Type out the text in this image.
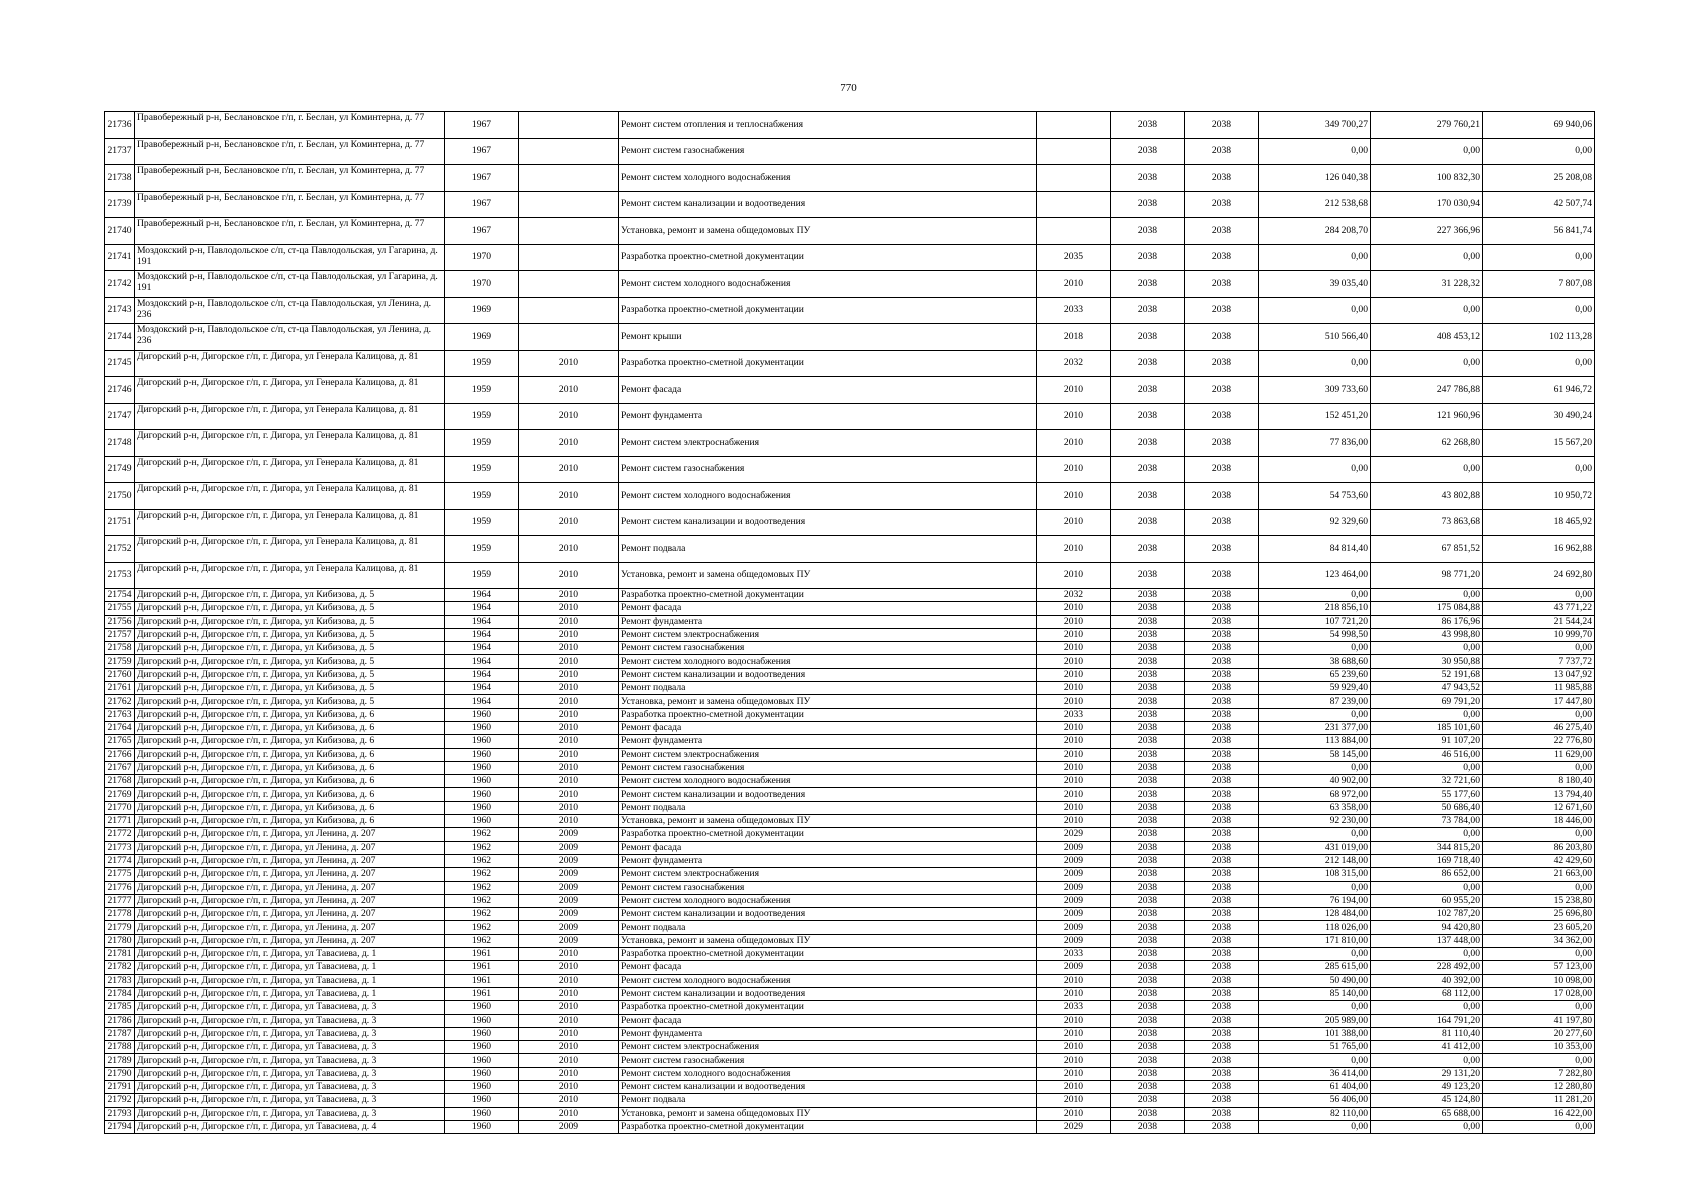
770
21736	Правобережный р-н, Беслановское г/п, г. Беслан, ул Коминтерна, д. 77	1967		Ремонт систем отопления и теплоснабжения		2038	2038	349 700,27	279 760,21	69 940,06
21737	Правобережный р-н, Беслановское г/п, г. Беслан, ул Коминтерна, д. 77	1967		Ремонт систем газоснабжения		2038	2038	0,00	0,00	0,00
21738	Правобережный р-н, Беслановское г/п, г. Беслан, ул Коминтерна, д. 77	1967		Ремонт систем холодного водоснабжения		2038	2038	126 040,38	100 832,30	25 208,08
21739	Правобережный р-н, Беслановское г/п, г. Беслан, ул Коминтерна, д. 77	1967		Ремонт систем канализации и водоотведения		2038	2038	212 538,68	170 030,94	42 507,74
21740	Правобережный р-н, Беслановское г/п, г. Беслан, ул Коминтерна, д. 77	1967		Установка, ремонт и замена общедомовых ПУ		2038	2038	284 208,70	227 366,96	56 841,74
21741	Моздокский р-н, Павлодольское с/п, ст-ца Павлодольская, ул Гагарина, д. 191	1970		Разработка проектно-сметной документации	2035	2038	2038	0,00	0,00	0,00
21742	Моздокский р-н, Павлодольское с/п, ст-ца Павлодольская, ул Гагарина, д. 191	1970		Ремонт систем холодного водоснабжения	2010	2038	2038	39 035,40	31 228,32	7 807,08
21743	Моздокский р-н, Павлодольское с/п, ст-ца Павлодольская, ул Ленина, д. 236	1969		Разработка проектно-сметной документации	2033	2038	2038	0,00	0,00	0,00
21744	Моздокский р-н, Павлодольское с/п, ст-ца Павлодольская, ул Ленина, д. 236	1969		Ремонт крыши	2018	2038	2038	510 566,40	408 453,12	102 113,28
21745	Дигорский р-н, Дигорское г/п, г. Дигора, ул Генерала Калицова, д. 81	1959	2010	Разработка проектно-сметной документации	2032	2038	2038	0,00	0,00	0,00
21746	Дигорский р-н, Дигорское г/п, г. Дигора, ул Генерала Калицова, д. 81	1959	2010	Ремонт фасада	2010	2038	2038	309 733,60	247 786,88	61 946,72
21747	Дигорский р-н, Дигорское г/п, г. Дигора, ул Генерала Калицова, д. 81	1959	2010	Ремонт фундамента	2010	2038	2038	152 451,20	121 960,96	30 490,24
21748	Дигорский р-н, Дигорское г/п, г. Дигора, ул Генерала Калицова, д. 81	1959	2010	Ремонт систем электроснабжения	2010	2038	2038	77 836,00	62 268,80	15 567,20
21749	Дигорский р-н, Дигорское г/п, г. Дигора, ул Генерала Калицова, д. 81	1959	2010	Ремонт систем газоснабжения	2010	2038	2038	0,00	0,00	0,00
21750	Дигорский р-н, Дигорское г/п, г. Дигора, ул Генерала Калицова, д. 81	1959	2010	Ремонт систем холодного водоснабжения	2010	2038	2038	54 753,60	43 802,88	10 950,72
21751	Дигорский р-н, Дигорское г/п, г. Дигора, ул Генерала Калицова, д. 81	1959	2010	Ремонт систем канализации и водоотведения	2010	2038	2038	92 329,60	73 863,68	18 465,92
21752	Дигорский р-н, Дигорское г/п, г. Дигора, ул Генерала Калицова, д. 81	1959	2010	Ремонт подвала	2010	2038	2038	84 814,40	67 851,52	16 962,88
21753	Дигорский р-н, Дигорское г/п, г. Дигора, ул Генерала Калицова, д. 81	1959	2010	Установка, ремонт и замена общедомовых ПУ	2010	2038	2038	123 464,00	98 771,20	24 692,80
21754	Дигорский р-н, Дигорское г/п, г. Дигора, ул Кибизова, д. 5	1964	2010	Разработка проектно-сметной документации	2032	2038	2038	0,00	0,00	0,00
21755	Дигорский р-н, Дигорское г/п, г. Дигора, ул Кибизова, д. 5	1964	2010	Ремонт фасада	2010	2038	2038	218 856,10	175 084,88	43 771,22
21756	Дигорский р-н, Дигорское г/п, г. Дигора, ул Кибизова, д. 5	1964	2010	Ремонт фундамента	2010	2038	2038	107 721,20	86 176,96	21 544,24
21757	Дигорский р-н, Дигорское г/п, г. Дигора, ул Кибизова, д. 5	1964	2010	Ремонт систем электроснабжения	2010	2038	2038	54 998,50	43 998,80	10 999,70
21758	Дигорский р-н, Дигорское г/п, г. Дигора, ул Кибизова, д. 5	1964	2010	Ремонт систем газоснабжения	2010	2038	2038	0,00	0,00	0,00
21759	Дигорский р-н, Дигорское г/п, г. Дигора, ул Кибизова, д. 5	1964	2010	Ремонт систем холодного водоснабжения	2010	2038	2038	38 688,60	30 950,88	7 737,72
21760	Дигорский р-н, Дигорское г/п, г. Дигора, ул Кибизова, д. 5	1964	2010	Ремонт систем канализации и водоотведения	2010	2038	2038	65 239,60	52 191,68	13 047,92
21761	Дигорский р-н, Дигорское г/п, г. Дигора, ул Кибизова, д. 5	1964	2010	Ремонт подвала	2010	2038	2038	59 929,40	47 943,52	11 985,88
21762	Дигорский р-н, Дигорское г/п, г. Дигора, ул Кибизова, д. 5	1964	2010	Установка, ремонт и замена общедомовых ПУ	2010	2038	2038	87 239,00	69 791,20	17 447,80
21763	Дигорский р-н, Дигорское г/п, г. Дигора, ул Кибизова, д. 6	1960	2010	Разработка проектно-сметной документации	2033	2038	2038	0,00	0,00	0,00
21764	Дигорский р-н, Дигорское г/п, г. Дигора, ул Кибизова, д. 6	1960	2010	Ремонт фасада	2010	2038	2038	231 377,00	185 101,60	46 275,40
21765	Дигорский р-н, Дигорское г/п, г. Дигора, ул Кибизова, д. 6	1960	2010	Ремонт фундамента	2010	2038	2038	113 884,00	91 107,20	22 776,80
21766	Дигорский р-н, Дигорское г/п, г. Дигора, ул Кибизова, д. 6	1960	2010	Ремонт систем электроснабжения	2010	2038	2038	58 145,00	46 516,00	11 629,00
21767	Дигорский р-н, Дигорское г/п, г. Дигора, ул Кибизова, д. 6	1960	2010	Ремонт систем газоснабжения	2010	2038	2038	0,00	0,00	0,00
21768	Дигорский р-н, Дигорское г/п, г. Дигора, ул Кибизова, д. 6	1960	2010	Ремонт систем холодного водоснабжения	2010	2038	2038	40 902,00	32 721,60	8 180,40
21769	Дигорский р-н, Дигорское г/п, г. Дигора, ул Кибизова, д. 6	1960	2010	Ремонт систем канализации и водоотведения	2010	2038	2038	68 972,00	55 177,60	13 794,40
21770	Дигорский р-н, Дигорское г/п, г. Дигора, ул Кибизова, д. 6	1960	2010	Ремонт подвала	2010	2038	2038	63 358,00	50 686,40	12 671,60
21771	Дигорский р-н, Дигорское г/п, г. Дигора, ул Кибизова, д. 6	1960	2010	Установка, ремонт и замена общедомовых ПУ	2010	2038	2038	92 230,00	73 784,00	18 446,00
21772	Дигорский р-н, Дигорское г/п, г. Дигора, ул Ленина, д. 207	1962	2009	Разработка проектно-сметной документации	2029	2038	2038	0,00	0,00	0,00
21773	Дигорский р-н, Дигорское г/п, г. Дигора, ул Ленина, д. 207	1962	2009	Ремонт фасада	2009	2038	2038	431 019,00	344 815,20	86 203,80
21774	Дигорский р-н, Дигорское г/п, г. Дигора, ул Ленина, д. 207	1962	2009	Ремонт фундамента	2009	2038	2038	212 148,00	169 718,40	42 429,60
21775	Дигорский р-н, Дигорское г/п, г. Дигора, ул Ленина, д. 207	1962	2009	Ремонт систем электроснабжения	2009	2038	2038	108 315,00	86 652,00	21 663,00
21776	Дигорский р-н, Дигорское г/п, г. Дигора, ул Ленина, д. 207	1962	2009	Ремонт систем газоснабжения	2009	2038	2038	0,00	0,00	0,00
21777	Дигорский р-н, Дигорское г/п, г. Дигора, ул Ленина, д. 207	1962	2009	Ремонт систем холодного водоснабжения	2009	2038	2038	76 194,00	60 955,20	15 238,80
21778	Дигорский р-н, Дигорское г/п, г. Дигора, ул Ленина, д. 207	1962	2009	Ремонт систем канализации и водоотведения	2009	2038	2038	128 484,00	102 787,20	25 696,80
21779	Дигорский р-н, Дигорское г/п, г. Дигора, ул Ленина, д. 207	1962	2009	Ремонт подвала	2009	2038	2038	118 026,00	94 420,80	23 605,20
21780	Дигорский р-н, Дигорское г/п, г. Дигора, ул Ленина, д. 207	1962	2009	Установка, ремонт и замена общедомовых ПУ	2009	2038	2038	171 810,00	137 448,00	34 362,00
21781	Дигорский р-н, Дигорское г/п, г. Дигора, ул Тавасиева, д. 1	1961	2010	Разработка проектно-сметной документации	2033	2038	2038	0,00	0,00	0,00
21782	Дигорский р-н, Дигорское г/п, г. Дигора, ул Тавасиева, д. 1	1961	2010	Ремонт фасада	2009	2038	2038	285 615,00	228 492,00	57 123,00
21783	Дигорский р-н, Дигорское г/п, г. Дигора, ул Тавасиева, д. 1	1961	2010	Ремонт систем холодного водоснабжения	2010	2038	2038	50 490,00	40 392,00	10 098,00
21784	Дигорский р-н, Дигорское г/п, г. Дигора, ул Тавасиева, д. 1	1961	2010	Ремонт систем канализации и водоотведения	2010	2038	2038	85 140,00	68 112,00	17 028,00
21785	Дигорский р-н, Дигорское г/п, г. Дигора, ул Тавасиева, д. 3	1960	2010	Разработка проектно-сметной документации	2033	2038	2038	0,00	0,00	0,00
21786	Дигорский р-н, Дигорское г/п, г. Дигора, ул Тавасиева, д. 3	1960	2010	Ремонт фасада	2010	2038	2038	205 989,00	164 791,20	41 197,80
21787	Дигорский р-н, Дигорское г/п, г. Дигора, ул Тавасиева, д. 3	1960	2010	Ремонт фундамента	2010	2038	2038	101 388,00	81 110,40	20 277,60
21788	Дигорский р-н, Дигорское г/п, г. Дигора, ул Тавасиева, д. 3	1960	2010	Ремонт систем электроснабжения	2010	2038	2038	51 765,00	41 412,00	10 353,00
21789	Дигорский р-н, Дигорское г/п, г. Дигора, ул Тавасиева, д. 3	1960	2010	Ремонт систем газоснабжения	2010	2038	2038	0,00	0,00	0,00
21790	Дигорский р-н, Дигорское г/п, г. Дигора, ул Тавасиева, д. 3	1960	2010	Ремонт систем холодного водоснабжения	2010	2038	2038	36 414,00	29 131,20	7 282,80
21791	Дигорский р-н, Дигорское г/п, г. Дигора, ул Тавасиева, д. 3	1960	2010	Ремонт систем канализации и водоотведения	2010	2038	2038	61 404,00	49 123,20	12 280,80
21792	Дигорский р-н, Дигорское г/п, г. Дигора, ул Тавасиева, д. 3	1960	2010	Ремонт подвала	2010	2038	2038	56 406,00	45 124,80	11 281,20
21793	Дигорский р-н, Дигорское г/п, г. Дигора, ул Тавасиева, д. 3	1960	2010	Установка, ремонт и замена общедомовых ПУ	2010	2038	2038	82 110,00	65 688,00	16 422,00
21794	Дигорский р-н, Дигорское г/п, г. Дигора, ул Тавасиева, д. 4	1960	2009	Разработка проектно-сметной документации	2029	2038	2038	0,00	0,00	0,00
